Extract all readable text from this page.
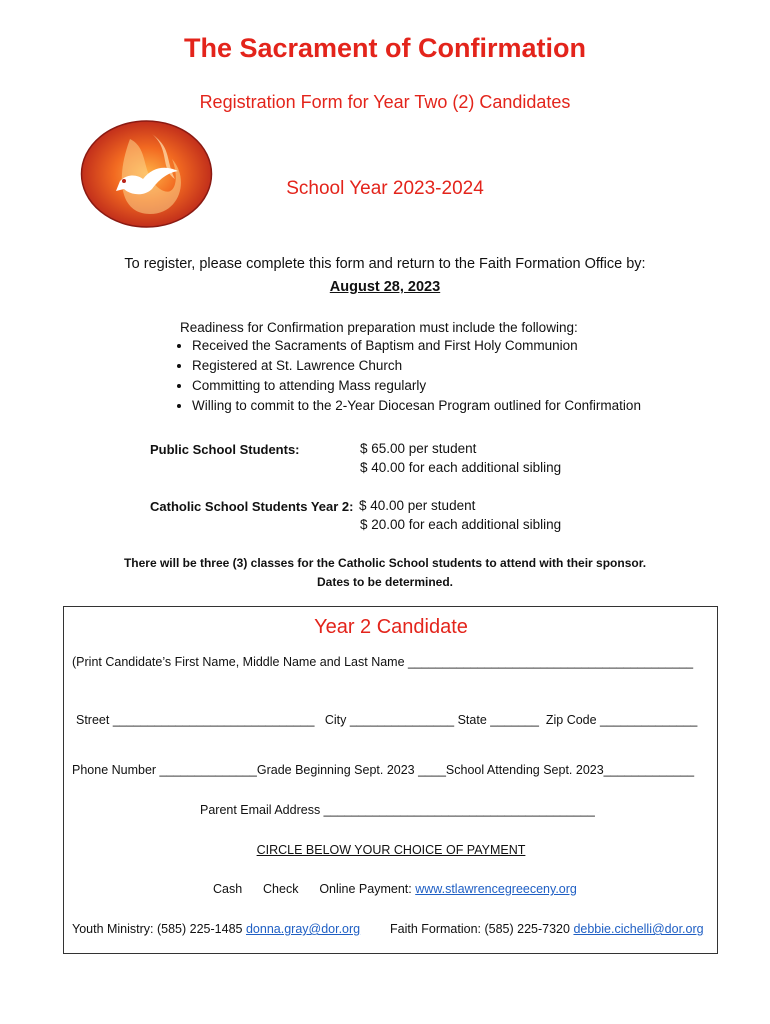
The Sacrament of Confirmation
Registration Form for Year Two (2) Candidates
School Year 2023-2024
To register, please complete this form and return to the Faith Formation Office by:
August 28, 2023
Readiness for Confirmation preparation must include the following:
• Received the Sacraments of Baptism and First Holy Communion
• Registered at St. Lawrence Church
• Committing to attending Mass regularly
• Willing to commit to the 2-Year Diocesan Program outlined for Confirmation
Public School Students:	$ 65.00 per student
$ 40.00 for each additional sibling
Catholic School Students Year 2: $ 40.00 per student
$ 20.00 for each additional sibling
There will be three (3) classes for the Catholic School students to attend with their sponsor.
Dates to be determined.
Year 2 Candidate
(Print Candidate’s First Name, Middle Name and Last Name _________________________________________
Street _____________________________   City _______________ State _______  Zip Code ______________
Phone Number ______________Grade Beginning Sept. 2023 ____School Attending Sept. 2023_____________
Parent Email Address _______________________________________
CIRCLE BELOW YOUR CHOICE OF PAYMENT
Cash Check Online Payment: www.stlawrencegreeceny.org
Youth Ministry: (585) 225-1485 donna.gray@dor.org Faith Formation: (585) 225-7320 debbie.cichelli@dor.org
